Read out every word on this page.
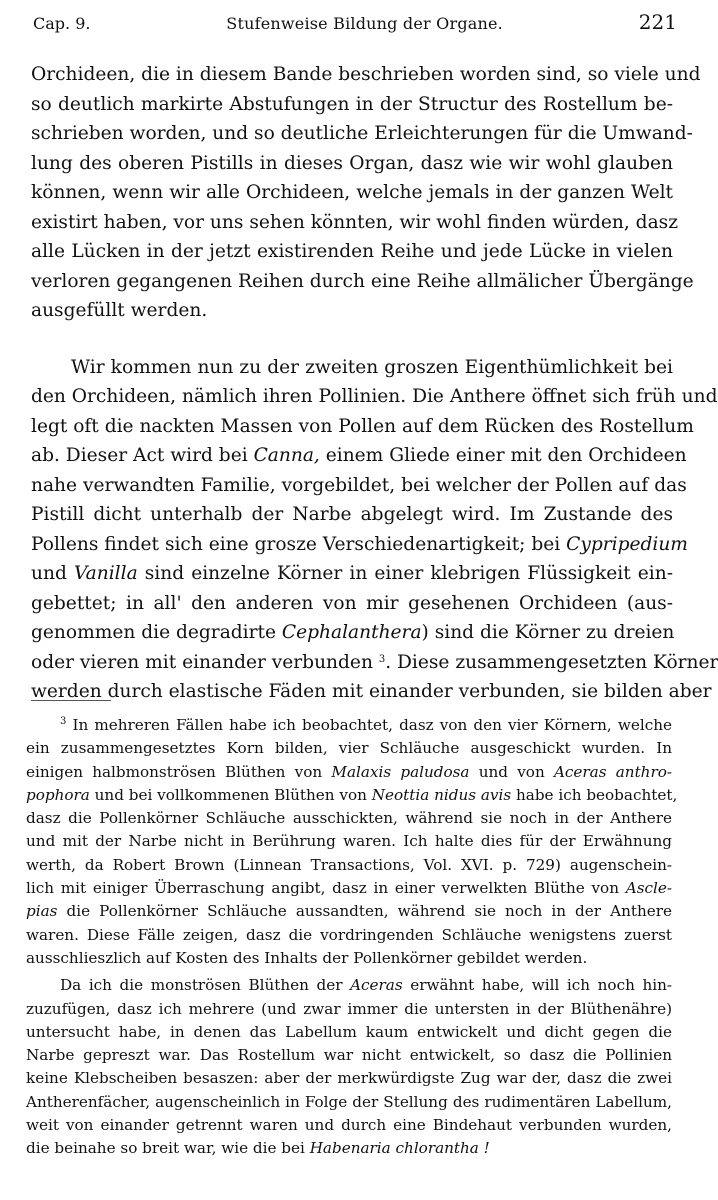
Cap. 9.	Stufenweise Bildung der Organe.	221
Orchideen, die in diesem Bande beschrieben worden sind, so viele und
so deutlich markirte Abstufungen in der Structur des Rostellum be-
schrieben worden, und so deutliche Erleichterungen für die Umwand-
lung des oberen Pistills in dieses Organ, dasz wie wir wohl glauben
können, wenn wir alle Orchideen, welche jemals in der ganzen Welt
existirt haben, vor uns sehen könnten, wir wohl finden würden, dasz
alle Lücken in der jetzt existirenden Reihe und jede Lücke in vielen
verloren gegangenen Reihen durch eine Reihe allmälicher Übergänge
ausgefüllt werden.
Wir kommen nun zu der zweiten groszen Eigenthümlichkeit bei
den Orchideen, nämlich ihren Pollinien. Die Anthere öffnet sich früh und
legt oft die nackten Massen von Pollen auf dem Rücken des Rostellum
ab. Dieser Act wird bei Canna, einem Gliede einer mit den Orchideen
nahe verwandten Familie, vorgebildet, bei welcher der Pollen auf das
Pistill dicht unterhalb der Narbe abgelegt wird. Im Zustande des
Pollens findet sich eine grosze Verschiedenartigkeit; bei Cypripedium
und Vanilla sind einzelne Körner in einer klebrigen Flüssigkeit ein-
gebettet; in all' den anderen von mir gesehenen Orchideen (aus-
genommen die degradirte Cephalanthera) sind die Körner zu dreien
oder vieren mit einander verbunden $^3$. Diese zusammengesetzten Körner
werden durch elastische Fäden mit einander verbunden, sie bilden aber
$^3$ In mehreren Fällen habe ich beobachtet, dasz von den vier Körnern, welche
ein zusammengesetztes Korn bilden, vier Schläuche ausgeschickt wurden. In
einigen halbmonströsen Blüthen von Malaxis paludosa und von Aceras anthro-
pophora und bei vollkommenen Blüthen von Neottia nidus avis habe ich beobachtet,
dasz die Pollenkörner Schläuche ausschickten, während sie noch in der Anthere
und mit der Narbe nicht in Berührung waren. Ich halte dies für der Erwähnung
werth, da Robert Brown (Linnean Transactions, Vol. XVI. p. 729) augenschein-
lich mit einiger Überraschung angibt, dasz in einer verwelkten Blüthe von Ascle-
pias die Pollenkörner Schläuche aussandten, während sie noch in der Anthere
waren. Diese Fälle zeigen, dasz die vordringenden Schläuche wenigstens zuerst
ausschlieszlich auf Kosten des Inhalts der Pollenkörner gebildet werden.
Da ich die monströsen Blüthen der Aceras erwähnt habe, will ich noch hin-
zuzufügen, dasz ich mehrere (und zwar immer die untersten in der Blüthenähre)
untersucht habe, in denen das Labellum kaum entwickelt und dicht gegen die
Narbe gepreszt war. Das Rostellum war nicht entwickelt, so dasz die Pollinien
keine Klebscheiben besaszen: aber der merkwürdigste Zug war der, dasz die zwei
Antherenfächer, augenscheinlich in Folge der Stellung des rudimentären Labellum,
weit von einander getrennt waren und durch eine Bindehaut verbunden wurden,
die beinahe so breit war, wie die bei Habenaria chlorantha !
